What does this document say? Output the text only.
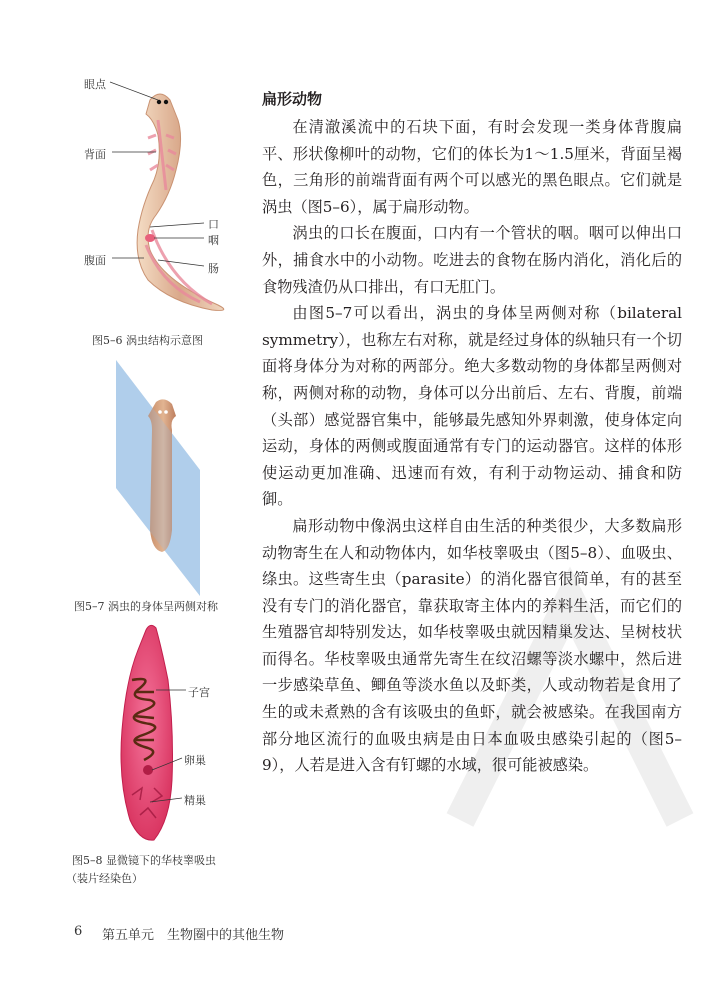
眼点
背面
腹面
口
咽
肠
图5–6 涡虫结构示意图
图5–7 涡虫的身体呈两侧对称
子宫
卵巢
精巢
图5–8 显微镜下的华枝睾吸虫
（装片经染色）
扁形动物

在清澈溪流中的石块下面，有时会发现一类身体背腹扁平、形状像柳叶的动物，它们的体长为1～1.5厘米，背面呈褐色，三角形的前端背面有两个可以感光的黑色眼点。它们就是涡虫（图5–6），属于扁形动物。

涡虫的口长在腹面，口内有一个管状的咽。咽可以伸出口外，捕食水中的小动物。吃进去的食物在肠内消化，消化后的食物残渣仍从口排出，有口无肛门。

由图5–7可以看出，涡虫的身体呈两侧对称（bilateral symmetry），也称左右对称，就是经过身体的纵轴只有一个切面将身体分为对称的两部分。绝大多数动物的身体都呈两侧对称，两侧对称的动物，身体可以分出前后、左右、背腹，前端（头部）感觉器官集中，能够最先感知外界刺激，使身体定向运动，身体的两侧或腹面通常有专门的运动器官。这样的体形使运动更加准确、迅速而有效，有利于动物运动、捕食和防御。

扁形动物中像涡虫这样自由生活的种类很少，大多数扁形动物寄生在人和动物体内，如华枝睾吸虫（图5–8）、血吸虫、绦虫。这些寄生虫（parasite）的消化器官很简单，有的甚至没有专门的消化器官，靠获取寄主体内的养料生活，而它们的生殖器官却特别发达，如华枝睾吸虫就因精巢发达、呈树枝状而得名。华枝睾吸虫通常先寄生在纹沼螺等淡水螺中，然后进一步感染草鱼、鲫鱼等淡水鱼以及虾类，人或动物若是食用了生的或未煮熟的含有该吸虫的鱼虾，就会被感染。在我国南方部分地区流行的血吸虫病是由日本血吸虫感染引起的（图5–9），人若是进入含有钉螺的水域，很可能被感染。

6 第五单元　生物圈中的其他生物
